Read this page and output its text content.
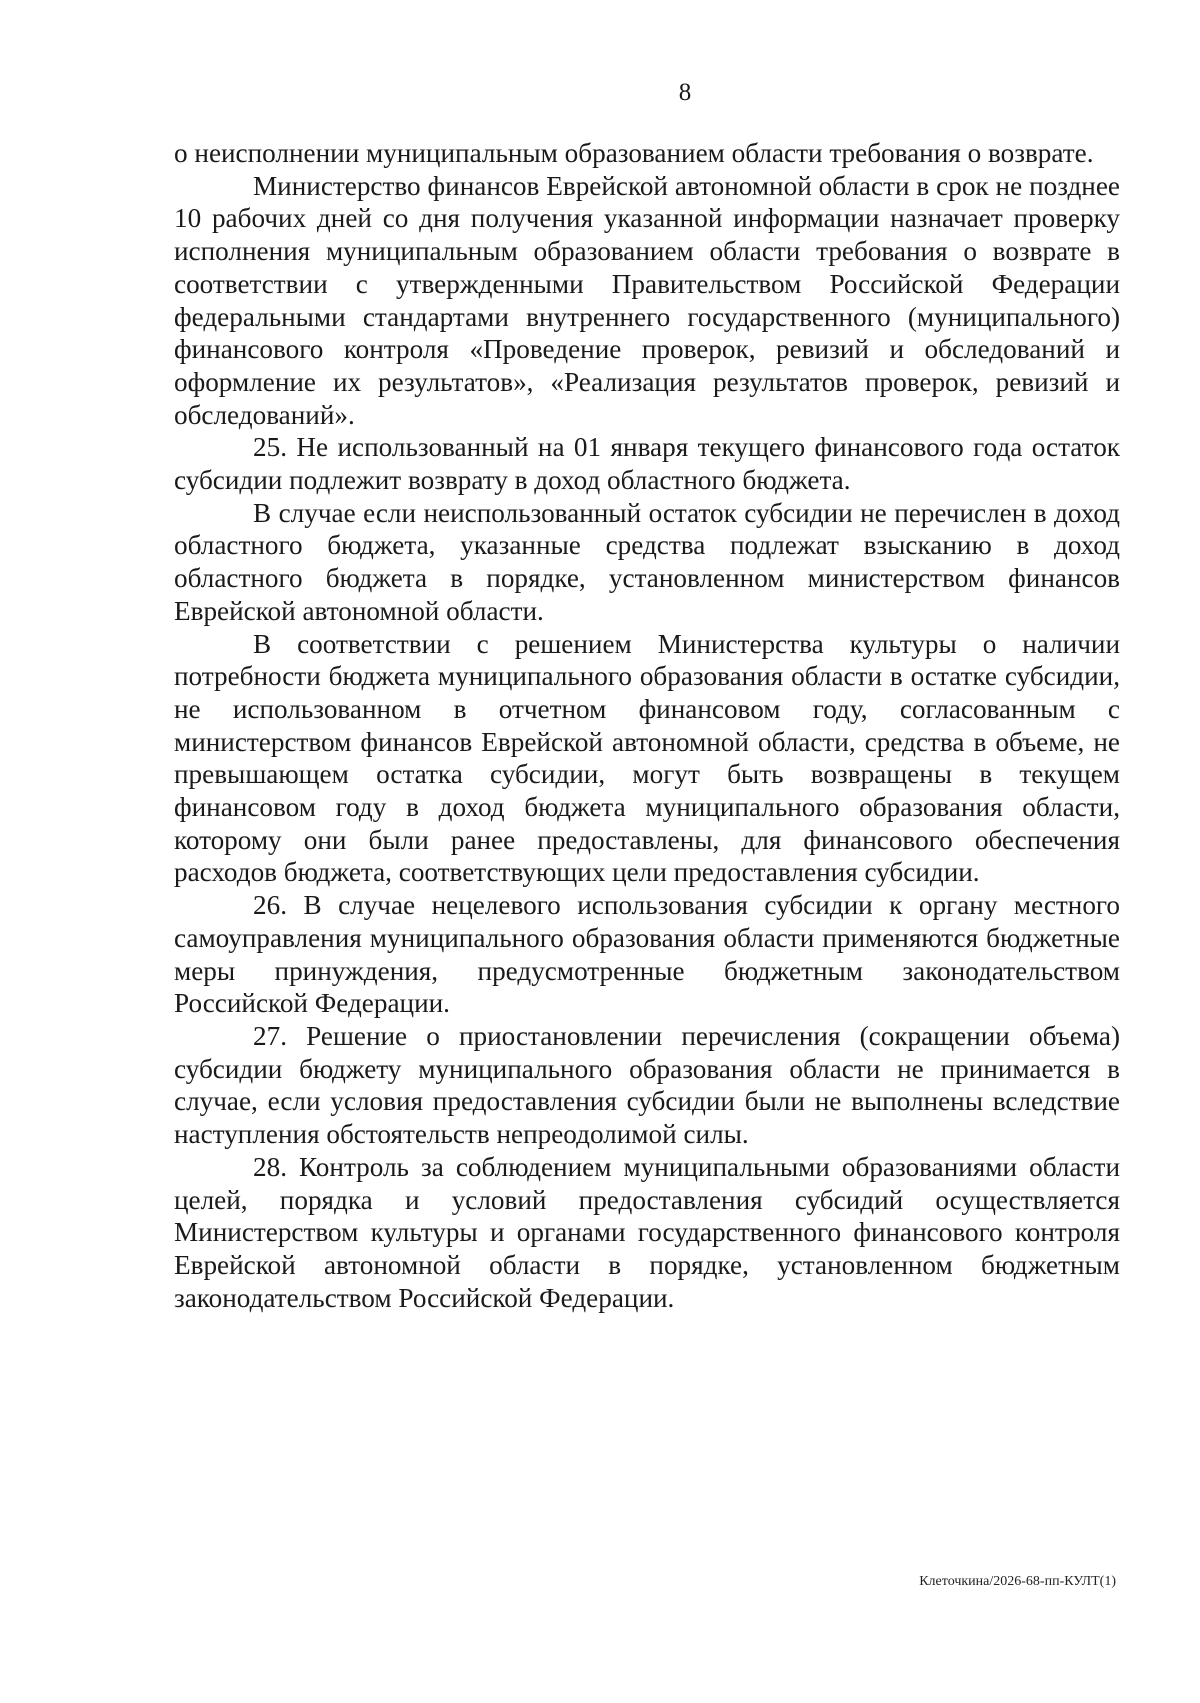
8

о неисполнении муниципальным образованием области требования о возврате.

Министерство финансов Еврейской автономной области в срок не позднее 10 рабочих дней со дня получения указанной информации назначает проверку исполнения муниципальным образованием области требования о возврате в соответствии с утвержденными Правительством Российской Федерации федеральными стандартами внутреннего государственного (муниципального) финансового контроля «Проведение проверок, ревизий и обследований и оформление их результатов», «Реализация результатов проверок, ревизий и обследований».

25. Не использованный на 01 января текущего финансового года остаток субсидии подлежит возврату в доход областного бюджета.

В случае если неиспользованный остаток субсидии не перечислен в доход областного бюджета, указанные средства подлежат взысканию в доход областного бюджета в порядке, установленном министерством финансов Еврейской автономной области.

В соответствии с решением Министерства культуры о наличии потребности бюджета муниципального образования области в остатке субсидии, не использованном в отчетном финансовом году, согласованным с министерством финансов Еврейской автономной области, средства в объеме, не превышающем остатка субсидии, могут быть возвращены в текущем финансовом году в доход бюджета муниципального образования области, которому они были ранее предоставлены, для финансового обеспечения расходов бюджета, соответствующих цели предоставления субсидии.

26. В случае нецелевого использования субсидии к органу местного самоуправления муниципального образования области применяются бюджетные меры принуждения, предусмотренные бюджетным законодательством Российской Федерации.

27. Решение о приостановлении перечисления (сокращении объема) субсидии бюджету муниципального образования области не принимается в случае, если условия предоставления субсидии были не выполнены вследствие наступления обстоятельств непреодолимой силы.

28. Контроль за соблюдением муниципальными образованиями области целей, порядка и условий предоставления субсидий осуществляется Министерством культуры и органами государственного финансового контроля Еврейской автономной области в порядке, установленном бюджетным законодательством Российской Федерации.

Клеточкина/2026-68-пп-КУЛТ(1)
